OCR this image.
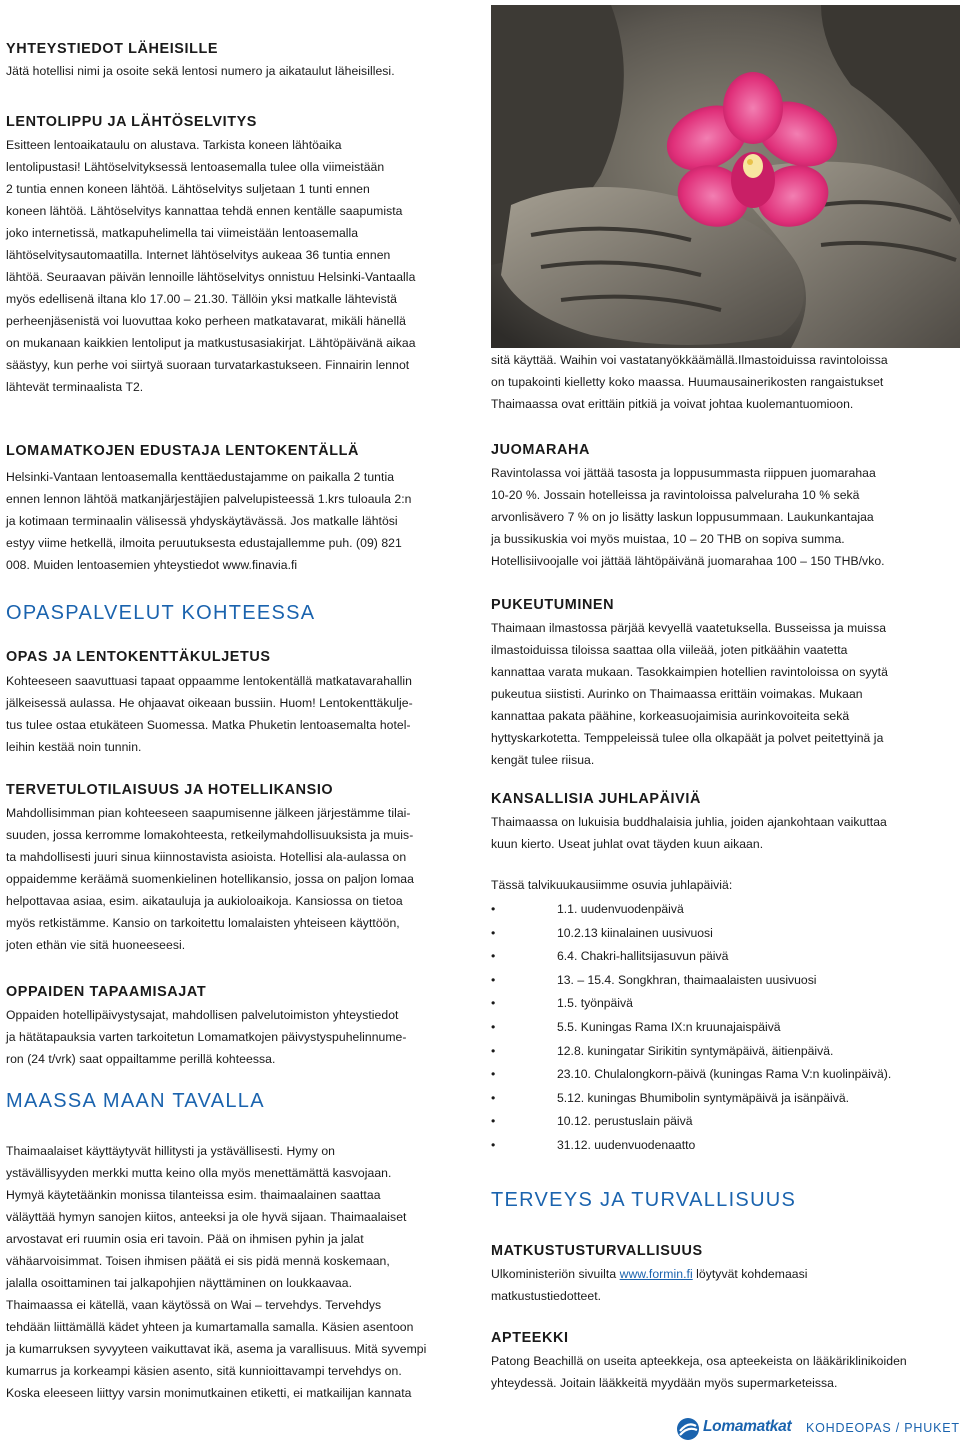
YHTEYSTIEDOT LÄHEISILLE

Jätä hotellisi nimi ja osoite sekä lentosi numero ja aikataulut läheisillesi.

LENTOLIPPU JA LÄHTÖSELVITYS

Esitteen lentoaikataulu on alustava. Tarkista koneen lähtöaika

lentolipustasi! Lähtöselvityksessä lentoasemalla tulee olla viimeistään

2 tuntia ennen koneen lähtöä. Lähtöselvitys suljetaan 1 tunti ennen

koneen lähtöä. Lähtöselvitys kannattaa tehdä ennen kentälle saapumista

joko internetissä, matkapuhelimella tai viimeistään lentoasemalla

lähtöselvitysautomaatilla. Internet lähtöselvitys aukeaa 36 tuntia ennen

lähtöä. Seuraavan päivän lennoille lähtöselvitys onnistuu Helsinki-Vantaalla

myös edellisenä iltana klo 17.00 – 21.30. Tällöin yksi matkalle lähtevistä

perheenjäsenistä voi luovuttaa koko perheen matkatavarat, mikäli hänellä

on mukanaan kaikkien lentoliput ja matkustusasiakirjat. Lähtöpäivänä aikaa

säästyy, kun perhe voi siirtyä suoraan turvatarkastukseen. Finnairin lennot

lähtevät terminaalista T2.

LOMAMATKOJEN EDUSTAJA LENTOKENTÄLLÄ

Helsinki-Vantaan lentoasemalla kenttäedustajamme on paikalla 2 tuntia

ennen lennon lähtöä matkanjärjestäjien palvelupisteessä 1.krs tuloaula 2:n

ja kotimaan terminaalin välisessä yhdyskäytävässä. Jos matkalle lähtösi

estyy viime hetkellä, ilmoita peruutuksesta edustajallemme puh. (09) 821

008. Muiden lentoasemien yhteystiedot www.finavia.fi

OPASPALVELUT KOHTEESSA
OPAS JA LENTOKENTTÄKULJETUS

Kohteeseen saavuttuasi tapaat oppaamme lentokentällä matkatavarahallin

jälkeisessä aulassa. He ohjaavat oikeaan bussiin. Huom! Lentokenttäkulje-

tus tulee ostaa etukäteen Suomessa. Matka Phuketin lentoasemalta hotel-

leihin kestää noin tunnin.

TERVETULOTILAISUUS JA HOTELLIKANSIO

Mahdollisimman pian kohteeseen saapumisenne jälkeen järjestämme tilai-

suuden, jossa kerromme lomakohteesta, retkeilymahdollisuuksista ja muis-

ta mahdollisesti juuri sinua kiinnostavista asioista. Hotellisi ala-aulassa on

oppaidemme keräämä suomenkielinen hotellikansio, jossa on paljon lomaa

helpottavaa asiaa, esim. aikatauluja ja aukioloaikoja. Kansiossa on tietoa

myös retkistämme. Kansio on tarkoitettu lomalaisten yhteiseen käyttöön,

joten ethän vie sitä huoneeseesi.

OPPAIDEN TAPAAMISAJAT

Oppaiden hotellipäivystysajat, mahdollisen palvelutoimiston yhteystiedot

ja hätätapauksia varten tarkoitetun Lomamatkojen päivystyspuhelinnume-

ron (24 t/vrk) saat oppailtamme perillä kohteessa.

MAASSA MAAN TAVALLA

Thaimaalaiset käyttäytyvät hillitysti ja ystävällisesti. Hymy on

ystävällisyyden merkki mutta keino olla myös menettämättä kasvojaan.

Hymyä käytetäänkin monissa tilanteissa esim. thaimaalainen saattaa

väläyttää hymyn sanojen kiitos, anteeksi ja ole hyvä sijaan. Thaimaalaiset

arvostavat eri ruumin osia eri tavoin. Pää on ihmisen pyhin ja jalat

vähäarvoisimmat. Toisen ihmisen päätä ei sis pidä mennä koskemaan,

jalalla osoittaminen tai jalkapohjien näyttäminen on loukkaavaa.

Thaimaassa ei kätellä, vaan käytössä on Wai – tervehdys. Tervehdys

tehdään liittämällä kädet yhteen ja kumartamalla samalla. Käsien asentoon

ja kumarruksen syvyyteen vaikuttavat ikä, asema ja varallisuus. Mitä syvempi

kumarrus ja korkeampi käsien asento, sitä kunnioittavampi tervehdys on.

Koska eleeseen liittyy varsin monimutkainen etiketti, ei matkailijan kannata

sitä käyttää. Waihin voi vastatanyökkäämällä.Ilmastoiduissa ravintoloissa

on tupakointi kielletty koko maassa. Huumausainerikosten rangaistukset

Thaimaassa ovat erittäin pitkiä ja voivat johtaa kuolemantuomioon.

JUOMARAHA

Ravintolassa voi jättää tasosta ja loppusummasta riippuen juomarahaa

10-20 %. Jossain hotelleissa ja ravintoloissa palveluraha 10 % sekä

arvonlisävero 7 % on jo lisätty laskun loppusummaan. Laukunkantajaa

ja bussikuskia voi myös muistaa, 10 – 20 THB on sopiva summa.

Hotellisiivoojalle voi jättää lähtöpäivänä juomarahaa 100 – 150 THB/vko.

PUKEUTUMINEN

Thaimaan ilmastossa pärjää kevyellä vaatetuksella. Busseissa ja muissa

ilmastoiduissa tiloissa saattaa olla viileää, joten pitkäähin vaatetta

kannattaa varata mukaan. Tasokkaimpien hotellien ravintoloissa on syytä

pukeutua siististi. Aurinko on Thaimaassa erittäin voimakas. Mukaan

kannattaa pakata päähine, korkeasuojaimisia aurinkovoiteita sekä

hyttyskarkotetta. Temppeleissä tulee olla olkapäät ja polvet peitettyinä ja

kengät tulee riisua.

KANSALLISIA JUHLAPÄIVIÄ

Thaimaassa on lukuisia buddhalaisia juhlia, joiden ajankohtaan vaikuttaa

kuun kierto. Useat juhlat ovat täyden kuun aikaan.

Tässä talvikuukausiimme osuvia juhlapäiviä:

•	1.1. uudenvuodenpäivä
•	10.2.13 kiinalainen uusivuosi
•	6.4. Chakri-hallitsijasuvun päivä
•	13. – 15.4. Songkhran, thaimaalaisten uusivuosi
•	1.5. työnpäivä
•	5.5. Kuningas Rama IX:n kruunajaispäivä
•	12.8. kuningatar Sirikitin syntymäpäivä, äitienpäivä.
•	23.10. Chulalongkorn-päivä (kuningas Rama V:n kuolinpäivä).
•	5.12. kuningas Bhumibolin syntymäpäivä ja isänpäivä.
•	10.12. perustuslain päivä
•	31.12. uudenvuodenaatto
TERVEYS JA TURVALLISUUS
MATKUSTUSTURVALLISUUS

Ulkoministeriön sivuilta www.formin.fi löytyvät kohdemaasi

matkustustiedotteet.

APTEEKKI

Patong Beachillä on useita apteekkeja, osa apteekeista on lääkäriklinikoiden

yhteydessä. Joitain lääkkeitä myydään myös supermarketeissa.

Lomamatkat KOHDEOPAS / PHUKET
